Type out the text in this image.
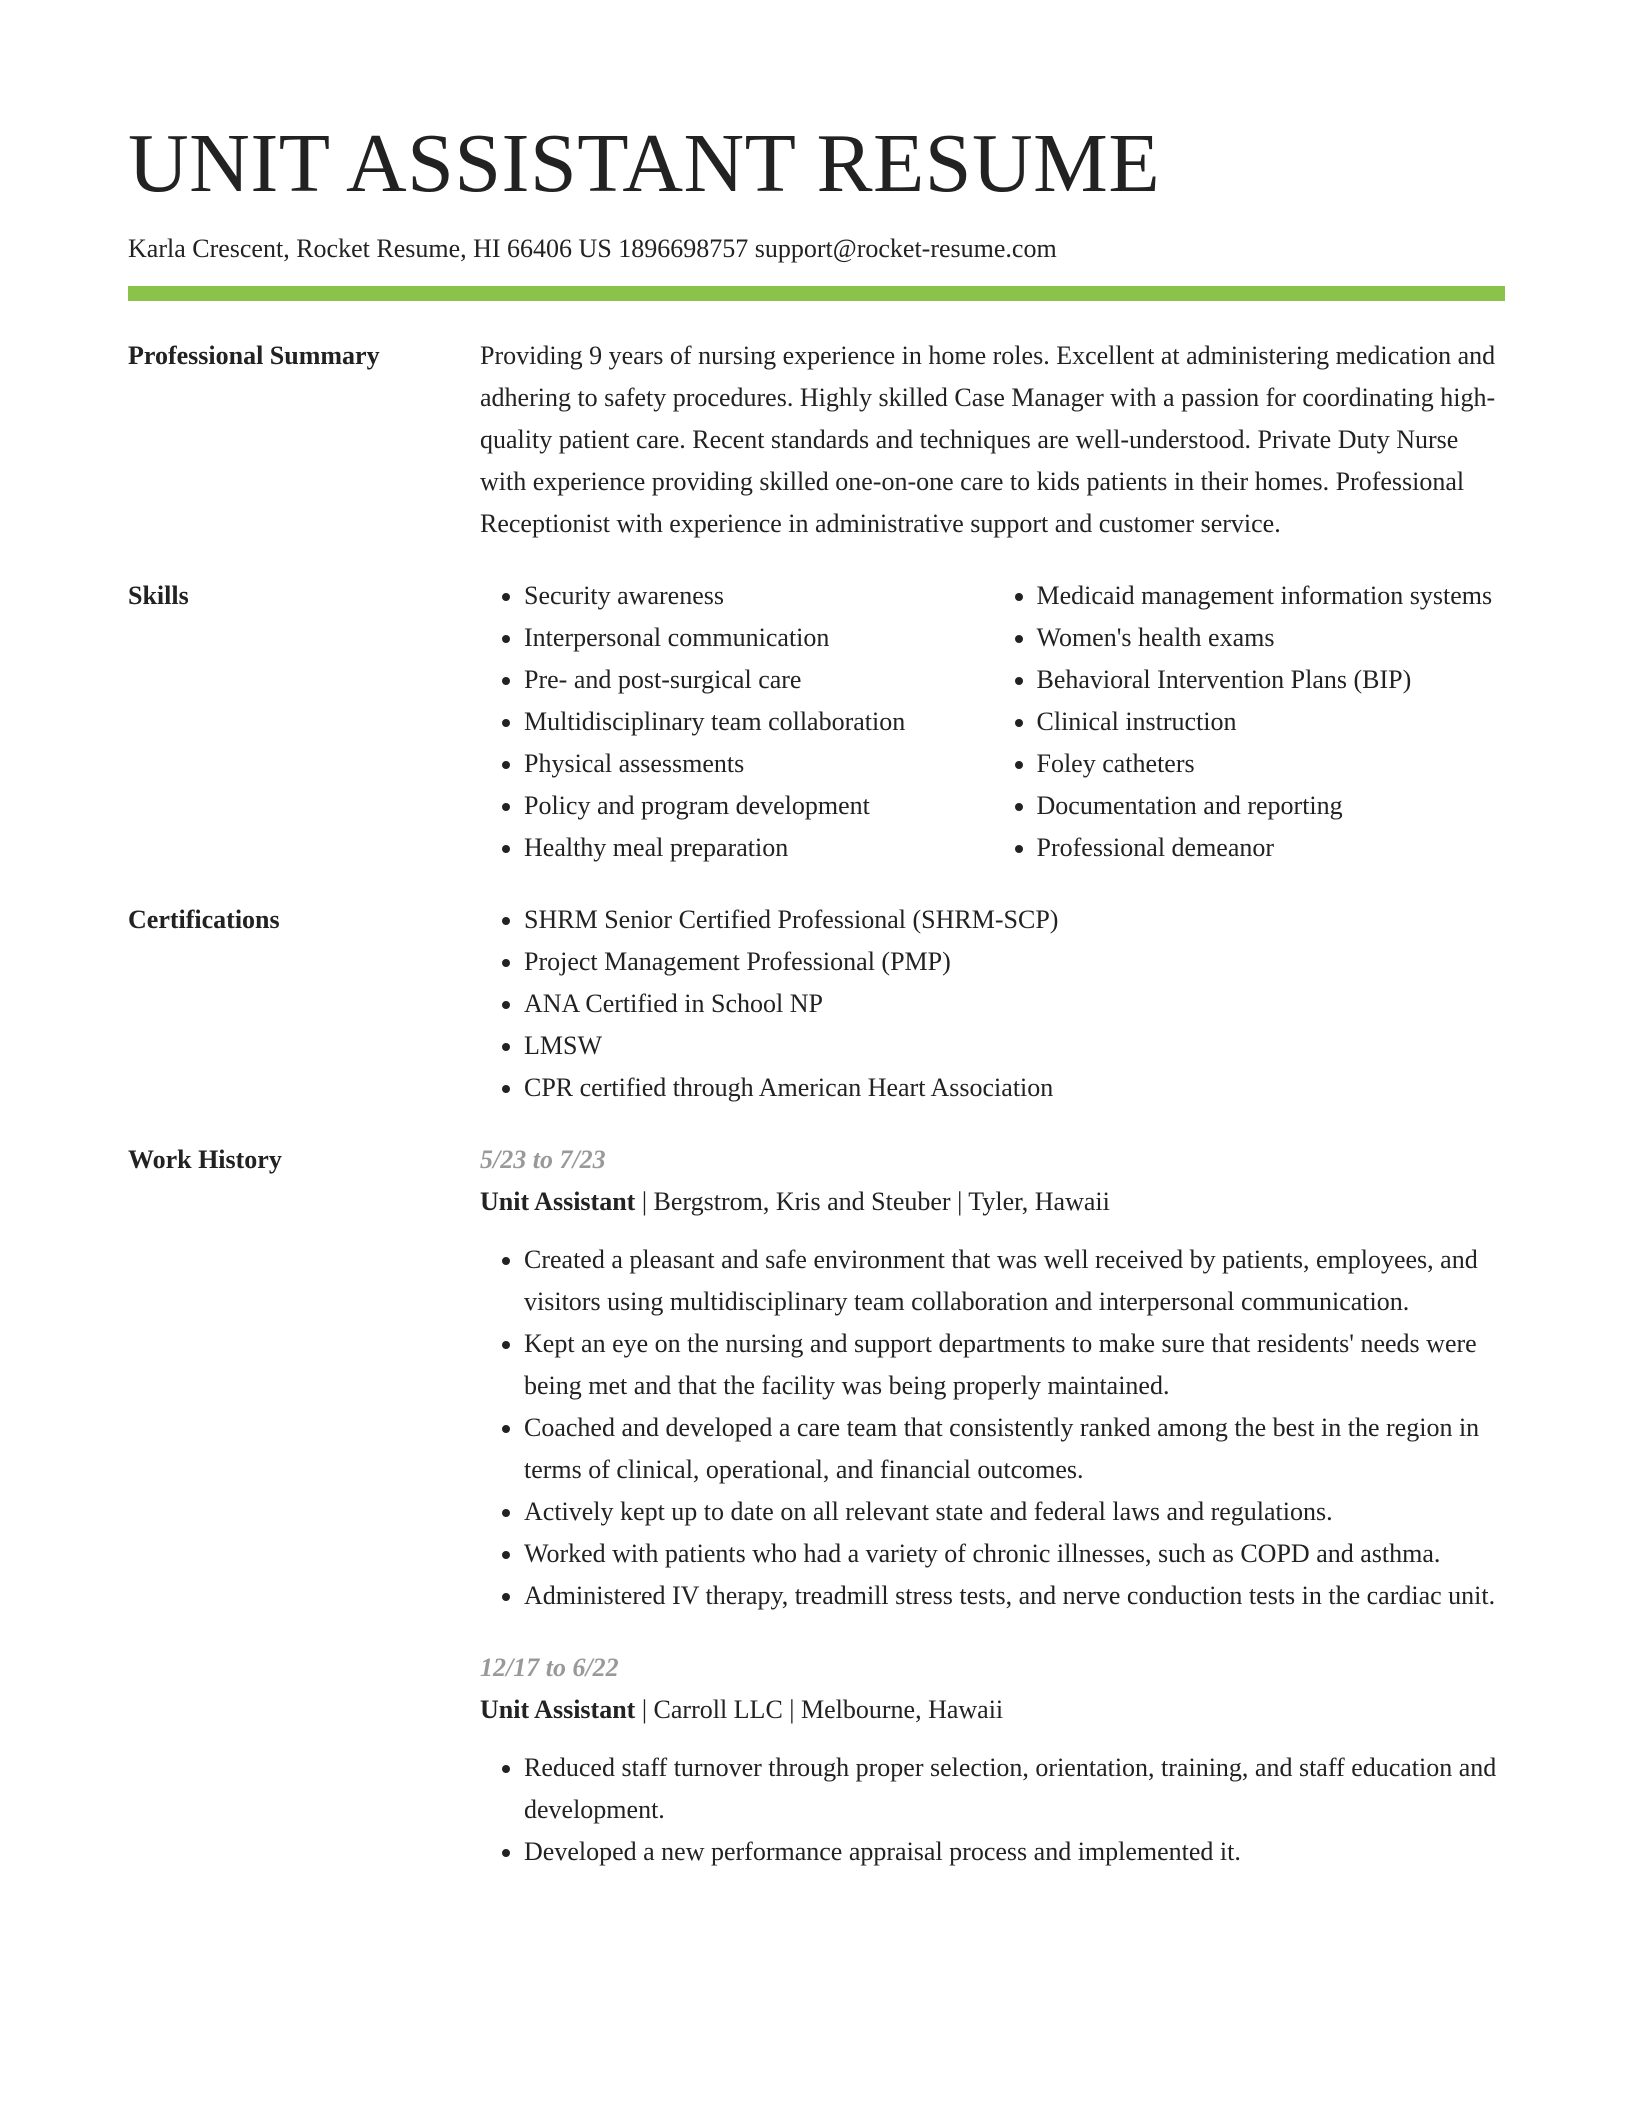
UNIT ASSISTANT RESUME
Karla Crescent, Rocket Resume, HI 66406 US 1896698757 support@rocket-resume.com
Professional Summary	Providing 9 years of nursing experience in home roles. Excellent at administering medication and adhering to safety procedures. Highly skilled Case Manager with a passion for coordinating high-quality patient care. Recent standards and techniques are well-understood. Private Duty Nurse with experience providing skilled one-on-one care to kids patients in their homes. Professional Receptionist with experience in administrative support and customer service.

Skills	• Security awareness
• Interpersonal communication
• Pre- and post-surgical care
• Multidisciplinary team collaboration
• Physical assessments
• Policy and program development
• Healthy meal preparation
• Medicaid management information systems
• Women's health exams
• Behavioral Intervention Plans (BIP)
• Clinical instruction
• Foley catheters
• Documentation and reporting
• Professional demeanor
Certifications	• SHRM Senior Certified Professional (SHRM-SCP)
• Project Management Professional (PMP)
• ANA Certified in School NP
• LMSW
• CPR certified through American Heart Association
Work History	5/23 to 7/23
Unit Assistant | Bergstrom, Kris and Steuber | Tyler, Hawaii
• Created a pleasant and safe environment that was well received by patients, employees, and visitors using multidisciplinary team collaboration and interpersonal communication.
• Kept an eye on the nursing and support departments to make sure that residents' needs were being met and that the facility was being properly maintained.
• Coached and developed a care team that consistently ranked among the best in the region in terms of clinical, operational, and financial outcomes.
• Actively kept up to date on all relevant state and federal laws and regulations.
• Worked with patients who had a variety of chronic illnesses, such as COPD and asthma.
• Administered IV therapy, treadmill stress tests, and nerve conduction tests in the cardiac unit.
12/17 to 6/22
Unit Assistant | Carroll LLC | Melbourne, Hawaii
• Reduced staff turnover through proper selection, orientation, training, and staff education and development.
• Developed a new performance appraisal process and implemented it.
